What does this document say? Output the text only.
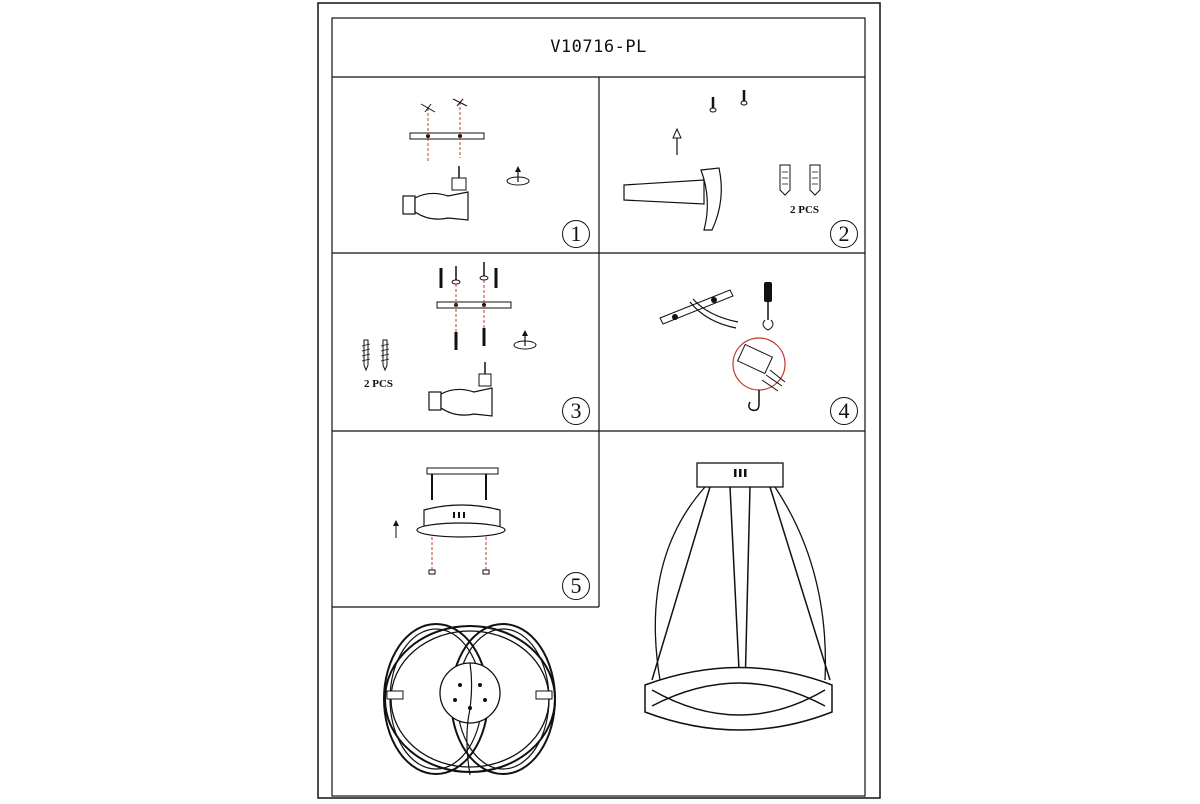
V10716-PL
2 PCS
2 PCS
1	2
3	4
5
